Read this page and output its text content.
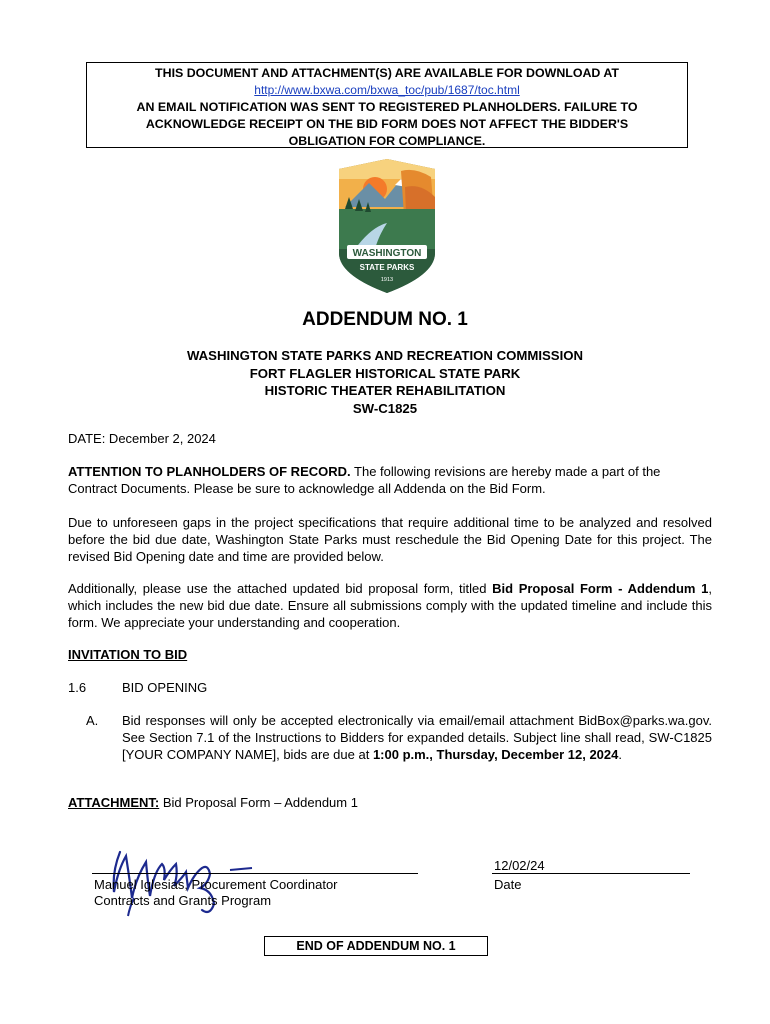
THIS DOCUMENT AND ATTACHMENT(S) ARE AVAILABLE FOR DOWNLOAD AT
http://www.bxwa.com/bxwa_toc/pub/1687/toc.html
AN EMAIL NOTIFICATION WAS SENT TO REGISTERED PLANHOLDERS. FAILURE TO
ACKNOWLEDGE RECEIPT ON THE BID FORM DOES NOT AFFECT THE BIDDER'S
OBLIGATION FOR COMPLIANCE.
WASHINGTON
STATE PARKS
1913
ADDENDUM NO. 1
WASHINGTON STATE PARKS AND RECREATION COMMISSION
FORT FLAGLER HISTORICAL STATE PARK
HISTORIC THEATER REHABILITATION
SW-C1825
DATE: December 2, 2024
ATTENTION TO PLANHOLDERS OF RECORD. The following revisions are hereby made a part of the Contract Documents. Please be sure to acknowledge all Addenda on the Bid Form.
Due to unforeseen gaps in the project specifications that require additional time to be analyzed and resolved before the bid due date, Washington State Parks must reschedule the Bid Opening Date for this project. The revised Bid Opening date and time are provided below.
Additionally, please use the attached updated bid proposal form, titled Bid Proposal Form - Addendum 1, which includes the new bid due date. Ensure all submissions comply with the updated timeline and include this form. We appreciate your understanding and cooperation.
INVITATION TO BID
1.6	BID OPENING
A.	Bid responses will only be accepted electronically via email/email attachment BidBox@parks.wa.gov. See Section 7.1 of the Instructions to Bidders for expanded details. Subject line shall read, SW-C1825 [YOUR COMPANY NAME], bids are due at 1:00 p.m., Thursday, December 12, 2024.
ATTACHMENT: Bid Proposal Form – Addendum 1
12/02/24
Manuel Iglesias, Procurement Coordinator	Date
Contracts and Grants Program
END OF ADDENDUM NO. 1
